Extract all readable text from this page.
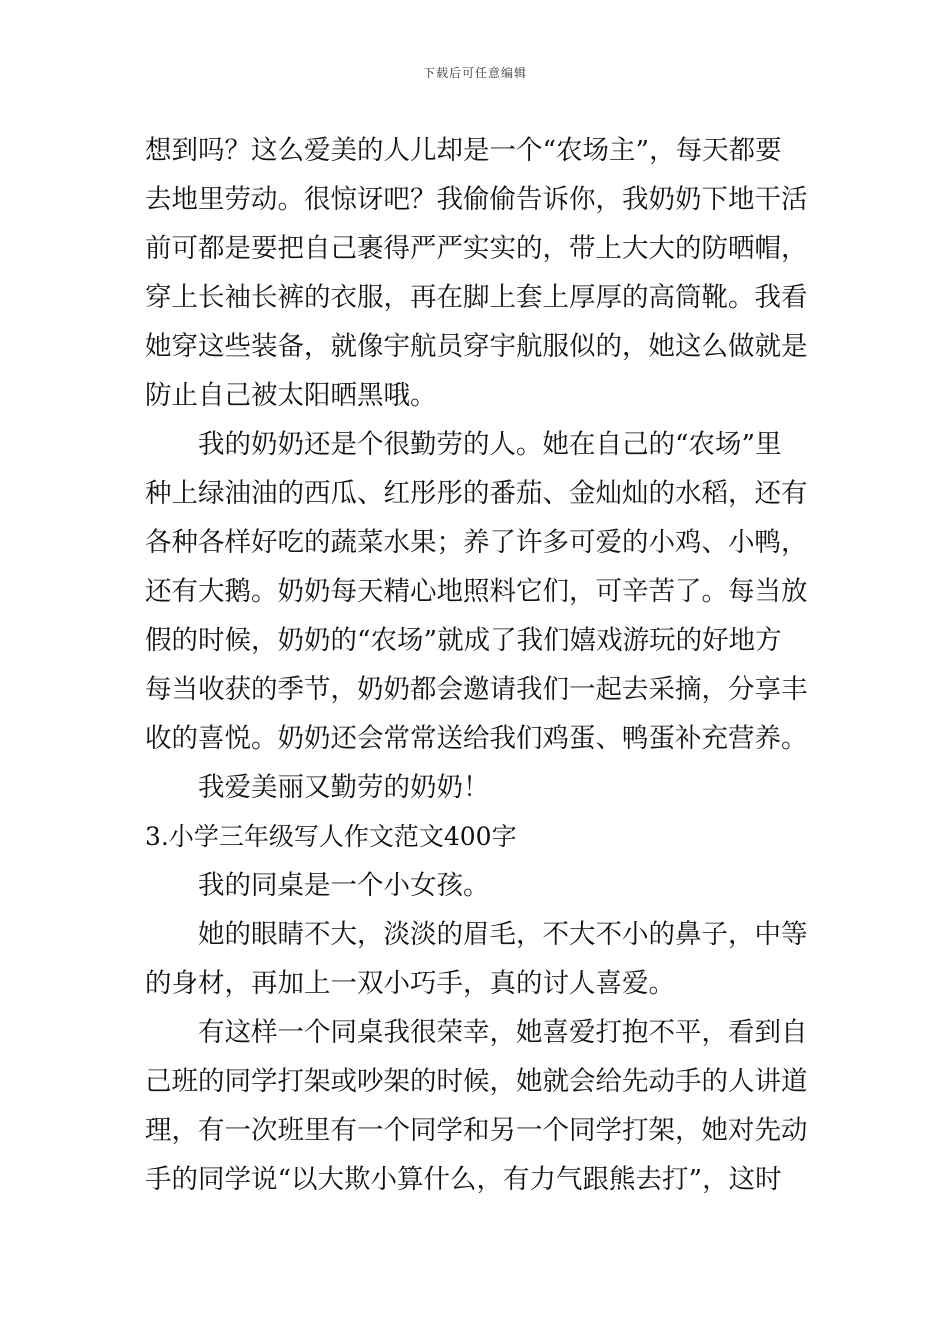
下载后可任意编辑
想到吗？这么爱美的人儿却是一个“农场主”，每天都要
去地里劳动。很惊讶吧？我偷偷告诉你，我奶奶下地干活
前可都是要把自己裹得严严实实的，带上大大的防晒帽，
穿上长袖长裤的衣服，再在脚上套上厚厚的高筒靴。我看
她穿这些装备，就像宇航员穿宇航服似的，她这么做就是
防止自己被太阳晒黑哦。
我的奶奶还是个很勤劳的人。她在自己的“农场”里
种上绿油油的西瓜、红彤彤的番茄、金灿灿的水稻，还有
各种各样好吃的蔬菜水果；养了许多可爱的小鸡、小鸭，
还有大鹅。奶奶每天精心地照料它们，可辛苦了。每当放
假的时候，奶奶的“农场”就成了我们嬉戏游玩的好地方
每当收获的季节，奶奶都会邀请我们一起去采摘，分享丰
收的喜悦。奶奶还会常常送给我们鸡蛋、鸭蛋补充营养。
我爱美丽又勤劳的奶奶！
3.小学三年级写人作文范文400字
我的同桌是一个小女孩。
她的眼睛不大，淡淡的眉毛，不大不小的鼻子，中等
的身材，再加上一双小巧手，真的讨人喜爱。
有这样一个同桌我很荣幸，她喜爱打抱不平，看到自
己班的同学打架或吵架的时候，她就会给先动手的人讲道
理，有一次班里有一个同学和另一个同学打架，她对先动
手的同学说“以大欺小算什么，有力气跟熊去打”，这时
